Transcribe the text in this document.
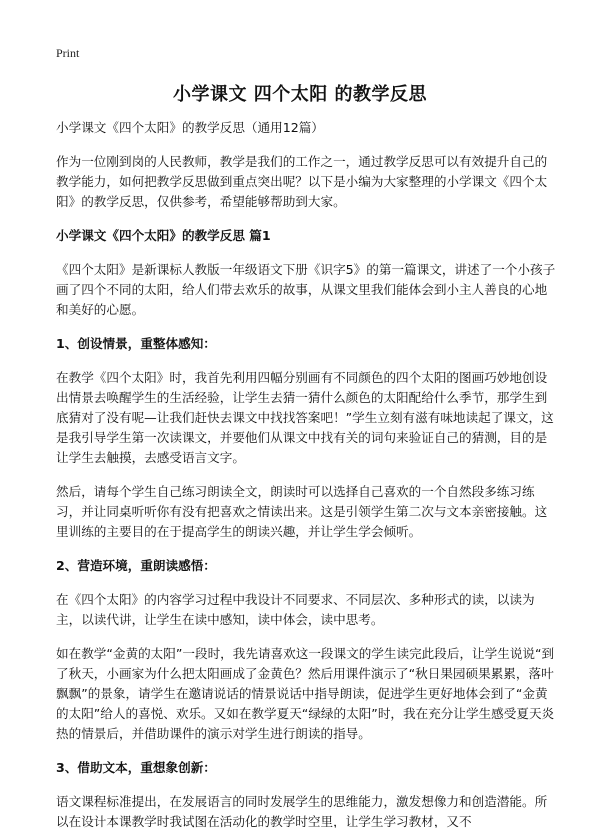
Print
小学课文 四个太阳 的教学反思

小学课文《四个太阳》的教学反思（通用12篇）

作为一位刚到岗的人民教师，教学是我们的工作之一，通过教学反思可以有效提升自己的教学能力，如何把教学反思做到重点突出呢？以下是小编为大家整理的小学课文《四个太阳》的教学反思，仅供参考，希望能够帮助到大家。

小学课文《四个太阳》的教学反思 篇1

《四个太阳》是新课标人教版一年级语文下册《识字5》的第一篇课文，讲述了一个小孩子画了四个不同的太阳，给人们带去欢乐的故事，从课文里我们能体会到小主人善良的心地和美好的心愿。

1、创设情景，重整体感知：

在教学《四个太阳》时，我首先利用四幅分别画有不同颜色的四个太阳的图画巧妙地创设出情景去唤醒学生的生活经验，让学生去猜一猜什么颜色的太阳配给什么季节，那学生到底猜对了没有呢—让我们赶快去课文中找找答案吧！”学生立刻有滋有味地读起了课文，这是我引导学生第一次读课文，并要他们从课文中找有关的词句来验证自己的猜测，目的是让学生去触摸，去感受语言文字。

然后，请每个学生自己练习朗读全文，朗读时可以选择自己喜欢的一个自然段多练习练习，并让同桌听听你有没有把喜欢之情读出来。这是引领学生第二次与文本亲密接触。这里训练的主要目的在于提高学生的朗读兴趣，并让学生学会倾听。

2、营造环境，重朗读感悟：

在《四个太阳》的内容学习过程中我设计不同要求、不同层次、多种形式的读，以读为主，以读代讲，让学生在读中感知，读中体会，读中思考。

如在教学“金黄的太阳”一段时，我先请喜欢这一段课文的学生读完此段后，让学生说说“到了秋天，小画家为什么把太阳画成了金黄色？然后用课件演示了“秋日果园硕果累累，落叶飘飘”的景象，请学生在邀请说话的情景说话中指导朗读，促进学生更好地体会到了“金黄的太阳”给人的喜悦、欢乐。又如在教学夏天“绿绿的太阳”时，我在充分让学生感受夏天炎热的情景后，并借助课件的演示对学生进行朗读的指导。

3、借助文本，重想象创新：

语文课程标准提出，在发展语言的同时发展学生的思维能力，激发想像力和创造潜能。所以在设计本课教学时我试图在活动化的教学时空里，让学生学习教材，又不
